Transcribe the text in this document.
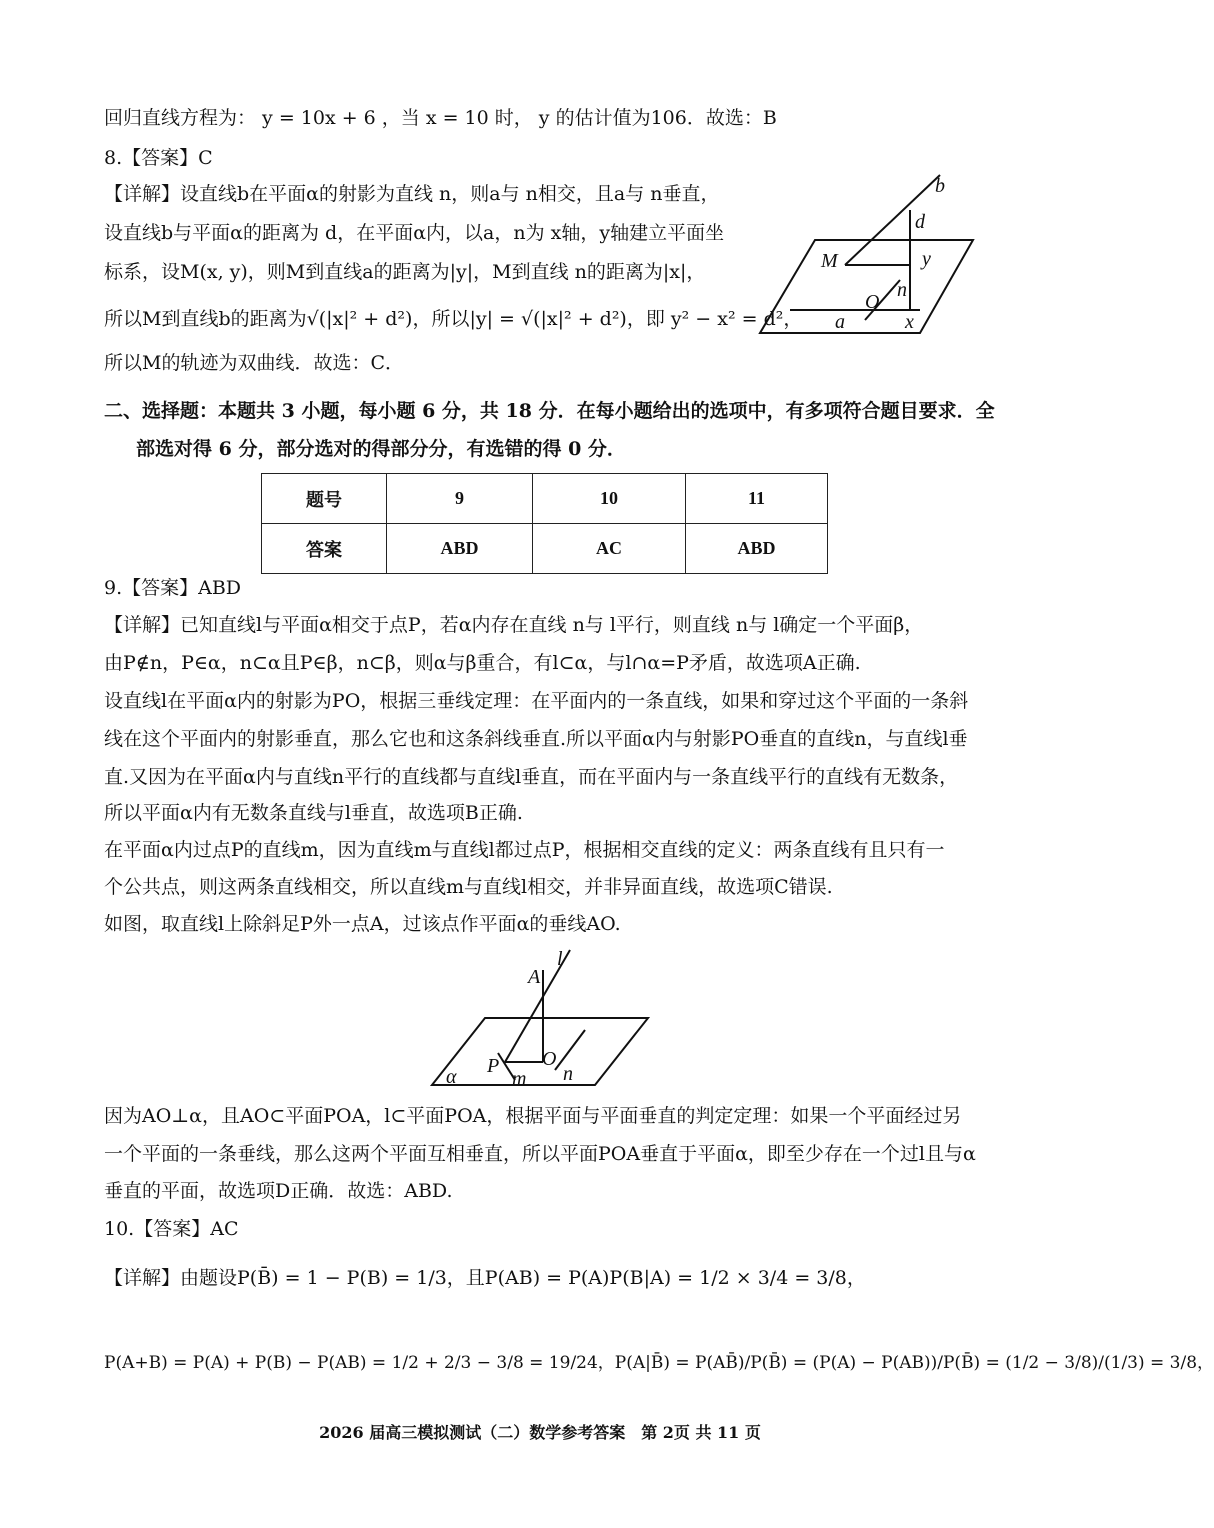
回归直线方程为： y = 10x + 6 ，当 x = 10 时， y 的估计值为106．故选：B
8.【答案】C
【详解】设直线b在平面α的射影为直线 n，则a与 n相交，且a与 n垂直，
设直线b与平面α的距离为 d，在平面α内，以a，n为 x轴，y轴建立平面坐
标系，设M(x, y)，则M到直线a的距离为|y|，M到直线 n的距离为|x|，
所以M到直线b的距离为√(|x|² + d²)，所以|y| = √(|x|² + d²)，即 y² − x² = d²，
所以M的轨迹为双曲线．故选：C．
b
d
M	y
O
n
a	x
二、选择题：本题共 3 小题，每小题 6 分，共 18 分．在每小题给出的选项中，有多项符合题目要求．全
部选对得 6 分，部分选对的得部分分，有选错的得 0 分．
题号	9	10	11
答案	ABD	AC	ABD
9.【答案】ABD
【详解】已知直线l与平面α相交于点P，若α内存在直线 n与 l平行，则直线 n与 l确定一个平面β，
由P∉n，P∈α，n⊂α且P∈β，n⊂β，则α与β重合，有l⊂α，与l∩α=P矛盾，故选项A正确.
设直线l在平面α内的射影为PO，根据三垂线定理：在平面内的一条直线，如果和穿过这个平面的一条斜
线在这个平面内的射影垂直，那么它也和这条斜线垂直.所以平面α内与射影PO垂直的直线n，与直线l垂
直.又因为在平面α内与直线n平行的直线都与直线l垂直，而在平面内与一条直线平行的直线有无数条，
所以平面α内有无数条直线与l垂直，故选项B正确.
在平面α内过点P的直线m，因为直线m与直线l都过点P，根据相交直线的定义：两条直线有且只有一
个公共点，则这两条直线相交，所以直线m与直线l相交，并非异面直线，故选项C错误.
如图，取直线l上除斜足P外一点A，过该点作平面α的垂线AO.
A
l
P O
m n
α
因为AO⊥α，且AO⊂平面POA，l⊂平面POA，根据平面与平面垂直的判定定理：如果一个平面经过另
一个平面的一条垂线，那么这两个平面互相垂直，所以平面POA垂直于平面α，即至少存在一个过l且与α
垂直的平面，故选项D正确．故选：ABD.
10.【答案】AC
【详解】由题设P(B̄) = 1 − P(B) = 1/3，且P(AB) = P(A)P(B|A) = 1/2 × 3/4 = 3/8，
P(A+B) = P(A) + P(B) − P(AB) = 1/2 + 2/3 − 3/8 = 19/24，P(A|B̄) = P(AB̄)/P(B̄) = (P(A) − P(AB))/P(B̄) = (1/2 − 3/8)/(1/3) = 3/8，
2026 届高三模拟测试（二）数学参考答案　第 2页 共 11 页
